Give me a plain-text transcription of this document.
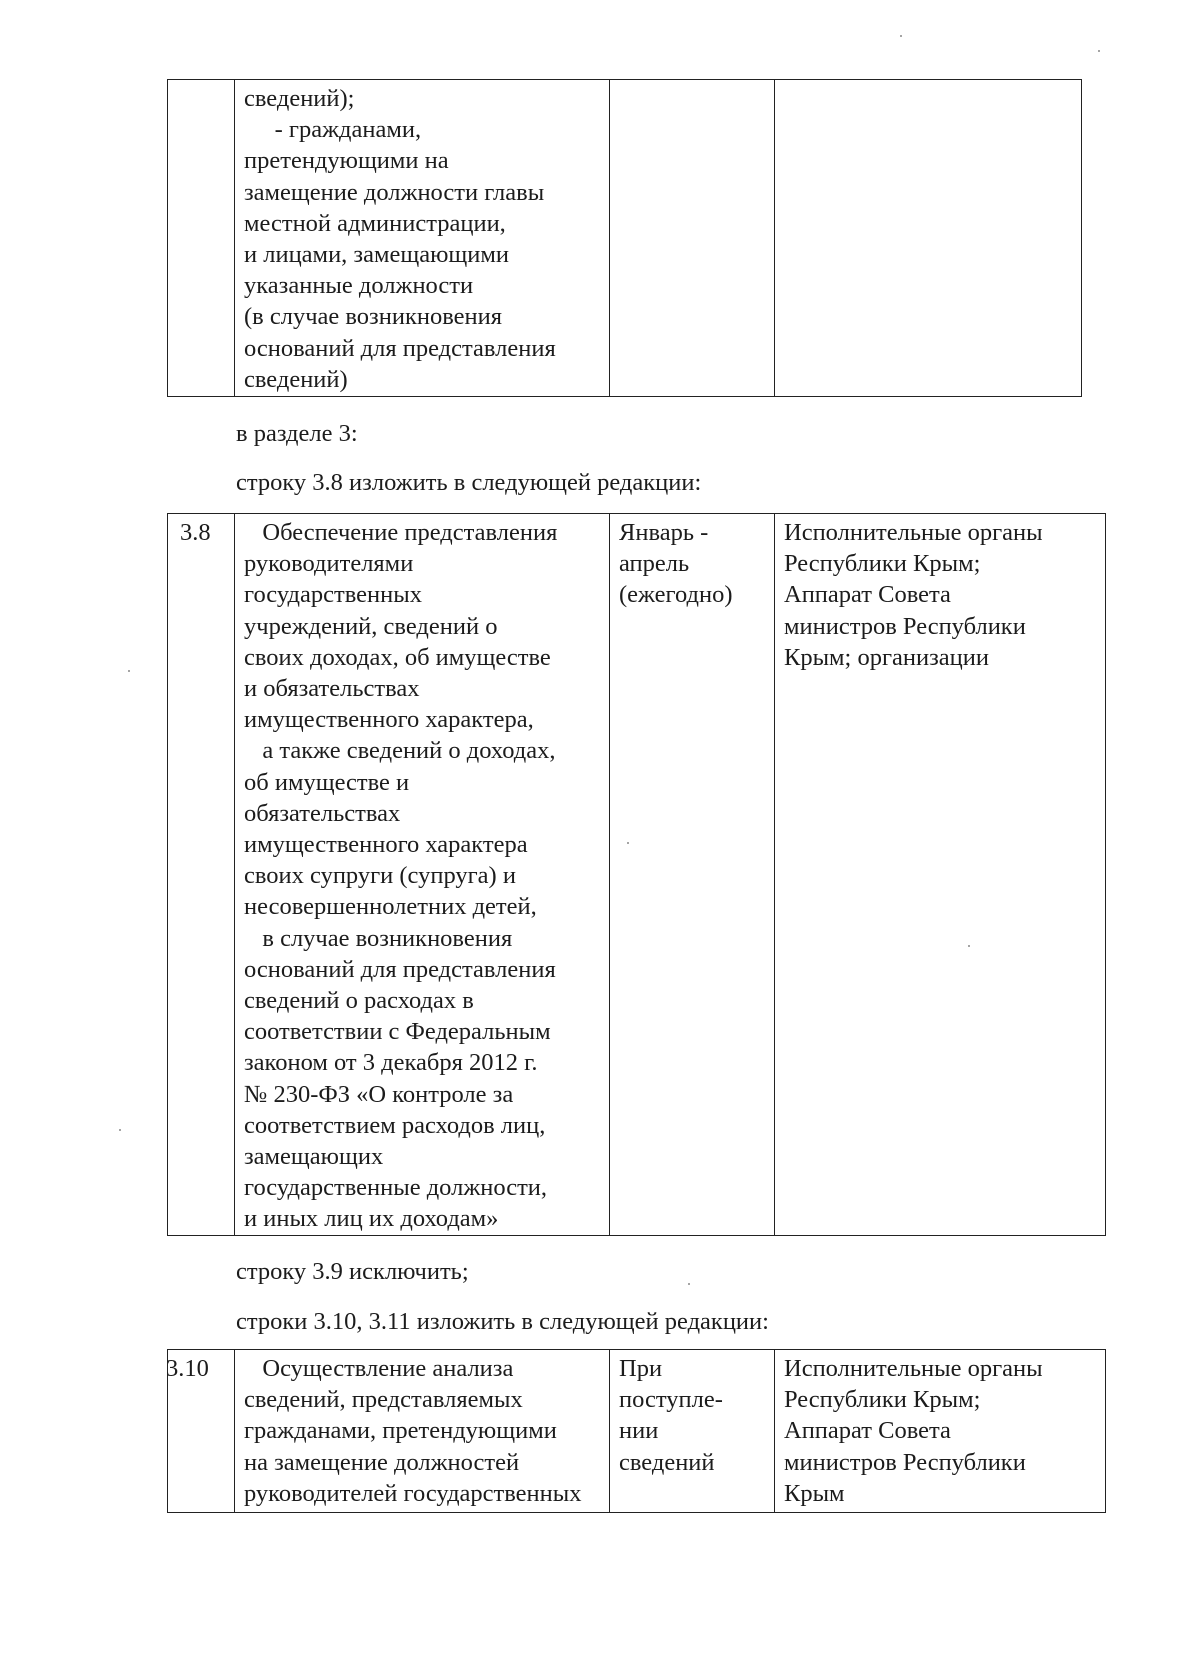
сведений);
- гражданами,
претендующими на
замещение должности главы
местной администрации,
и лицами, замещающими
указанные должности
(в случае возникновения
оснований для представления
сведений)
в разделе 3:
строку 3.8 изложить в следующей редакции:
3.8	Обеспечение представления
руководителями
государственных
учреждений, сведений о
своих доходах, об имуществе
и обязательствах
имущественного характера,
а также сведений о доходах,
об имуществе и
обязательствах
имущественного характера
своих супруги (супруга) и
несовершеннолетних детей,
в случае возникновения
оснований для представления
сведений о расходах в
соответствии с Федеральным
законом от 3 декабря 2012 г.
№ 230-ФЗ «О контроле за
соответствием расходов лиц,
замещающих
государственные должности,
и иных лиц их доходам»
Январь -
апрель
(ежегодно)
Исполнительные органы
Республики Крым;
Аппарат Совета
министров Республики
Крым; организации
строку 3.9 исключить;
строки 3.10, 3.11 изложить в следующей редакции:
3.10	Осуществление анализа
сведений, представляемых
гражданами, претендующими
на замещение должностей
руководителей государственных
При
поступле-
нии
сведений
Исполнительные органы
Республики Крым;
Аппарат Совета
министров Республики
Крым
